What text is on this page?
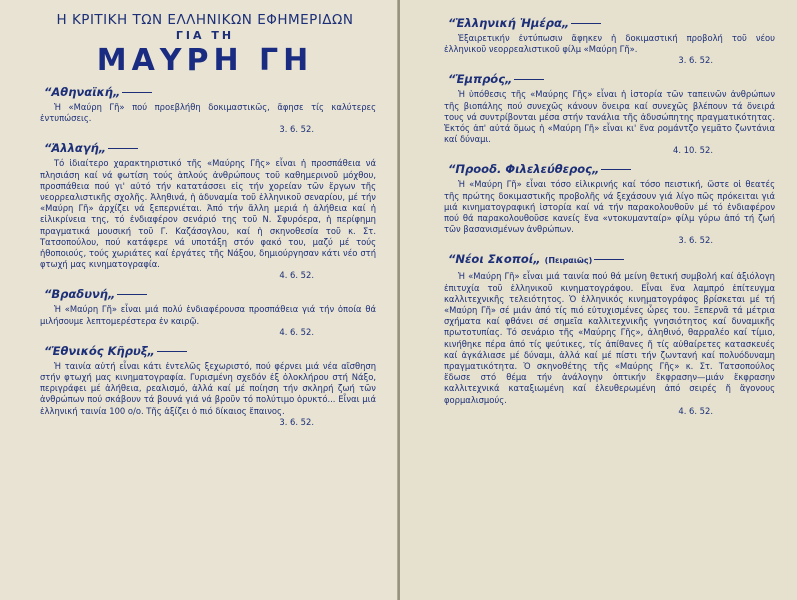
Η ΚΡΙΤΙΚΗ ΤΩΝ ΕΛΛΗΝΙΚΩΝ ΕΦΗΜΕΡΙΔΩΝ
ΓΙΑ ΤΗ
ΜΑΥΡΗ ΓΗ
“Αθηναϊκή„

Ἡ «Μαύρη Γῆ» πού προεβλήθη δοκιμαστικῶς, ἄφησε τίς καλύτερες ἐντυπώσεις.

3. 6. 52.
“Ἀλλαγή„

Τό ἰδιαίτερο χαρακτηριστικό τῆς «Μαύρης Γῆς» εἶναι ἡ προσπάθεια νά πλησιάση καί νά φωτίση τούς ἁπλούς ἀνθρώπους τοῦ καθημερινοῦ μόχθου, προσπάθεια πού γι' αὐτό τήν κατατάσσει εἰς τήν χορείαν τῶν ἔργων τῆς νεορρεαλιστικῆς σχολῆς. Ἀληθινά, ἡ ἀδυναμία τοῦ ἑλληνικοῦ σεναρίου, μέ τήν «Μαύρη Γῆ» ἀρχίζει νά ξεπερνιέται. Ἀπό τήν ἄλλη μεριά ἡ ἀλήθεια καί ἡ εἰλικρίνεια της, τό ἐνδιαφέρον σενάριό της τοῦ Ν. Σφυρόερα, ἡ περίφημη πραγματικά μουσική τοῦ Γ. Καζάσογλου, καί ἡ σκηνοθεσία τοῦ κ. Στ. Τατσοπούλου, πού κατάφερε νά υποτάξη στόν φακό του, μαζύ μέ τούς ἠθοποιούς, τούς χωριάτες καί ἐργάτες τῆς Νάξου, δημιούργησαν κάτι νέο στή φτωχή μας κινηματογραφία.

4. 6. 52.
“Βραδυνή„

Ἡ «Μαύρη Γῆ» εἶναι μιά πολύ ἐνδιαφέρουσα προσπάθεια γιά τήν ὁποία θά μιλήσουμε λεπτομερέστερα ἐν καιρῷ.

4. 6. 52.
“Ἐθνικός Κῆρυξ„

Ἡ ταινία αὐτή εἶναι κάτι ἐντελῶς ξεχωριστό, πού φέρνει μιά νέα αἴσθηση στήν φτωχή μας κινηματογραφία. Γυρισμένη σχεδόν ἐξ ὁλοκλήρου στή Νάξο, περιγράφει μέ ἀλήθεια, ρεαλισμό, ἀλλά καί μέ ποίηση τήν σκληρή ζωή τῶν ἀνθρώπων πού σκάβουν τά βουνά γιά νά βροῦν τό πολύτιμο ὀρυκτό... Εἶναι μιά ἑλληνική ταινία 100 ο/ο. Τῆς ἀξίζει ὁ πιό δίκαιος ἔπαινος.

3. 6. 52.
“Ἑλληνική Ἡμέρα„

Ἐξαιρετικήν ἐντύπωσιν ἄφηκεν ἡ δοκιμαστική προβολή τοῦ νέου ἑλληνικοῦ νεορρεαλιστικοῦ φίλμ «Μαύρη Γῆ».

3. 6. 52.
“Ἐμπρός„

Ἡ ὑπόθεσις τῆς «Μαύρης Γῆς» εἶναι ἡ ἱστορία τῶν ταπεινῶν ἀνθρώπων τῆς βιοπάλης πού συνεχῶς κάνουν ὄνειρα καί συνεχῶς βλέπουν τά ὄνειρά τους νά συντρίβονται μέσα στήν τανάλια τῆς ἀδυσώπητης πραγματικότητας. Ἐκτός ἀπ' αὐτά ὅμως ἡ «Μαύρη Γῆ» εἶναι κι' ἕνα ρομάντζο γεμᾶτο ζωντάνια καί δύναμι.

4. 10. 52.
“Προοδ. Φιλελεύθερος„

Ἡ «Μαύρη Γῆ» εἶναι τόσο εἰλικρινής καί τόσο πειστική, ὥστε οἱ θεατές τῆς πρώτης δοκιμαστικῆς προβολῆς νά ξεχάσουν γιά λίγο πῶς πρόκειται γιά μιά κινηματογραφική ἱστορία καί νά τήν παρακολουθοῦν μέ τό ἐνδιαφέρον πού θά παρακολουθοῦσε κανείς ἕνα «ντοκυμανταίρ» φίλμ γύρω ἀπό τή ζωή τῶν βασανισμένων ἀνθρώπων.

3. 6. 52.
“Νέοι Σκοποί„ (Πειραιῶς)

Ἡ «Μαύρη Γῆ» εἶναι μιά ταινία πού θά μείνη θετική συμβολή καί ἀξιόλογη ἐπιτυχία τοῦ ἑλληνικοῦ κινηματογράφου. Εἶναι ἕνα λαμπρό ἐπίτευγμα καλλιτεχνικῆς τελειότητος. Ὁ ἑλληνικός κινηματογράφος βρίσκεται μέ τή «Μαύρη Γῆ» σέ μιάν ἀπό τίς πιό εὐτυχισμένες ὧρες του. Ξεπερνᾶ τά μέτρια σχήματα καί φθάνει σέ σημεῖα καλλιτεχνικῆς γνησιότητος καί δυναμικῆς πρωτοτυπίας. Τό σενάριο τῆς «Μαύρης Γῆς», ἀληθινό, θαρραλέο καί τίμιο, κινήθηκε πέρα ἀπό τίς ψεύτικες, τίς ἀπίθανες ἤ τίς αὐθαίρετες κατασκευές καί ἀγκάλιασε μέ δύναμι, ἀλλά καί μέ πίστι τήν ζωντανή καί πολυόδυναμη πραγματικότητα. Ὁ σκηνοθέτης τῆς «Μαύρης Γῆς» κ. Στ. Τατσοπούλος ἔδωσε στό θέμα τήν ἀνάλογην ὀπτικήν ἔκφρασην—μιάν ἔκφρασην καλλιτεχνικά καταξιωμένη καί ἐλευθερωμένη ἀπό σειρές ἤ ἄγονους φορμαλισμούς.

4. 6. 52.
